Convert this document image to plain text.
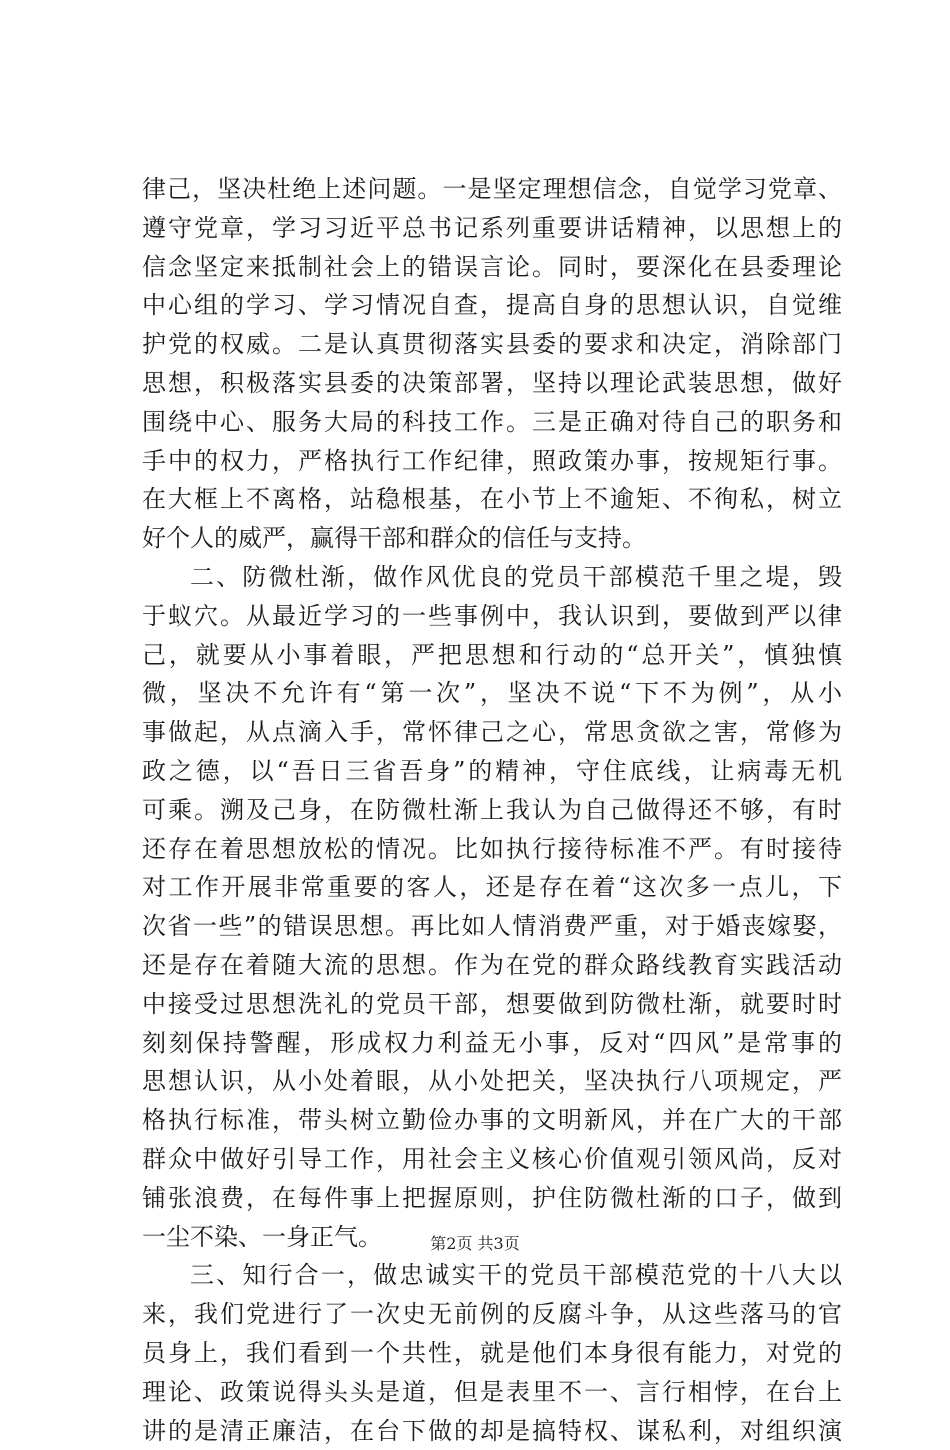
律己，坚决杜绝上述问题。一是坚定理想信念，自觉学习党章、
遵守党章，学习习近平总书记系列重要讲话精神，以思想上的
信念坚定来抵制社会上的错误言论。同时，要深化在县委理论
中心组的学习、学习情况自查，提高自身的思想认识，自觉维
护党的权威。二是认真贯彻落实县委的要求和决定，消除部门
思想，积极落实县委的决策部署，坚持以理论武装思想，做好
围绕中心、服务大局的科技工作。三是正确对待自己的职务和
手中的权力，严格执行工作纪律，照政策办事，按规矩行事。
在大框上不离格，站稳根基，在小节上不逾矩、不徇私，树立
好个人的威严，赢得干部和群众的信任与支持。
二、防微杜渐，做作风优良的党员干部模范千里之堤，毁
于蚁穴。从最近学习的一些事例中，我认识到，要做到严以律
己，就要从小事着眼，严把思想和行动的“总开关”，慎独慎
微，坚决不允许有“第一次”，坚决不说“下不为例”，从小
事做起，从点滴入手，常怀律己之心，常思贪欲之害，常修为
政之德，以“吾日三省吾身”的精神，守住底线，让病毒无机
可乘。溯及己身，在防微杜渐上我认为自己做得还不够，有时
还存在着思想放松的情况。比如执行接待标准不严。有时接待
对工作开展非常重要的客人，还是存在着“这次多一点儿，下
次省一些”的错误思想。再比如人情消费严重，对于婚丧嫁娶，
还是存在着随大流的思想。作为在党的群众路线教育实践活动
中接受过思想洗礼的党员干部，想要做到防微杜渐，就要时时
刻刻保持警醒，形成权力利益无小事，反对“四风”是常事的
思想认识，从小处着眼，从小处把关，坚决执行八项规定，严
格执行标准，带头树立勤俭办事的文明新风，并在广大的干部
群众中做好引导工作，用社会主义核心价值观引领风尚，反对
铺张浪费，在每件事上把握原则，护住防微杜渐的口子，做到
一尘不染、一身正气。
三、知行合一，做忠诚实干的党员干部模范党的十八大以
来，我们党进行了一次史无前例的反腐斗争，从这些落马的官
员身上，我们看到一个共性，就是他们本身很有能力，对党的
理论、政策说得头头是道，但是表里不一、言行相悖，在台上
讲的是清正廉洁，在台下做的却是搞特权、谋私利，对组织演
第2页 共3页
